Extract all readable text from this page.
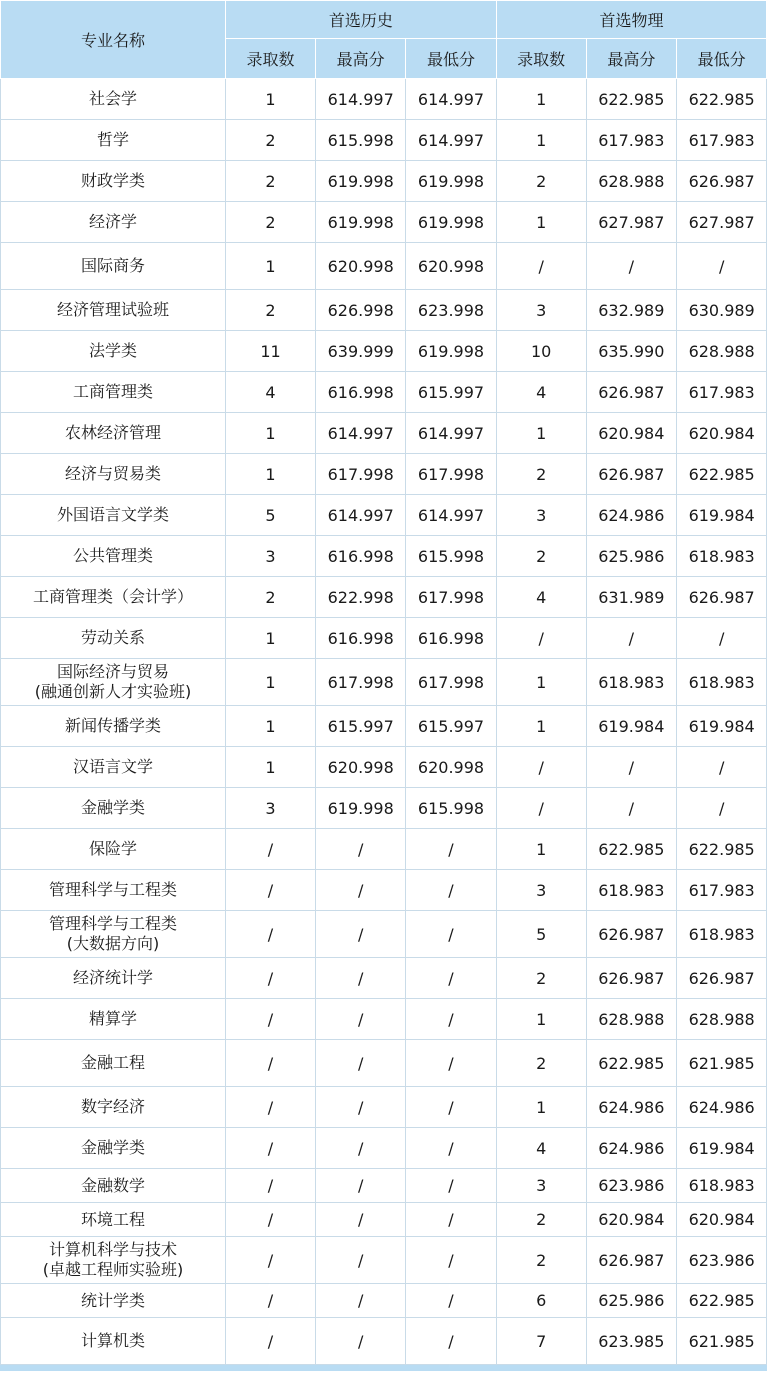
专业名称	首选历史			首选物理		
	录取数	最高分	最低分	录取数	最高分	最低分

社会学	1	614.997	614.997	1	622.985	622.985

哲学	2	615.998	614.997	1	617.983	617.983

财政学类	2	619.998	619.998	2	628.988	626.987

经济学	2	619.998	619.998	1	627.987	627.987

国际商务	1	620.998	620.998	/	/	/

经济管理试验班	2	626.998	623.998	3	632.989	630.989

法学类	11	639.999	619.998	10	635.990	628.988

工商管理类	4	616.998	615.997	4	626.987	617.983

农林经济管理	1	614.997	614.997	1	620.984	620.984

经济与贸易类	1	617.998	617.998	2	626.987	622.985

外国语言文学类	5	614.997	614.997	3	624.986	619.984

公共管理类	3	616.998	615.998	2	625.986	618.983

工商管理类（会计学）	2	622.998	617.998	4	631.989	626.987

劳动关系	1	616.998	616.998	/	/	/

国际经济与贸易
(融通创新人才实验班)	1	617.998	617.998	1	618.983	618.983

新闻传播学类	1	615.997	615.997	1	619.984	619.984

汉语言文学	1	620.998	620.998	/	/	/

金融学类	3	619.998	615.998	/	/	/

保险学	/	/	/	1	622.985	622.985

管理科学与工程类	/	/	/	3	618.983	617.983

管理科学与工程类
(大数据方向)	/	/	/	5	626.987	618.983

经济统计学	/	/	/	2	626.987	626.987

精算学	/	/	/	1	628.988	628.988

金融工程	/	/	/	2	622.985	621.985

数字经济	/	/	/	1	624.986	624.986

金融学类	/	/	/	4	624.986	619.984

金融数学	/	/	/	3	623.986	618.983

环境工程	/	/	/	2	620.984	620.984

计算机科学与技术
(卓越工程师实验班)	/	/	/	2	626.987	623.986

统计学类	/	/	/	6	625.986	622.985

计算机类	/	/	/	7	623.985	621.985
